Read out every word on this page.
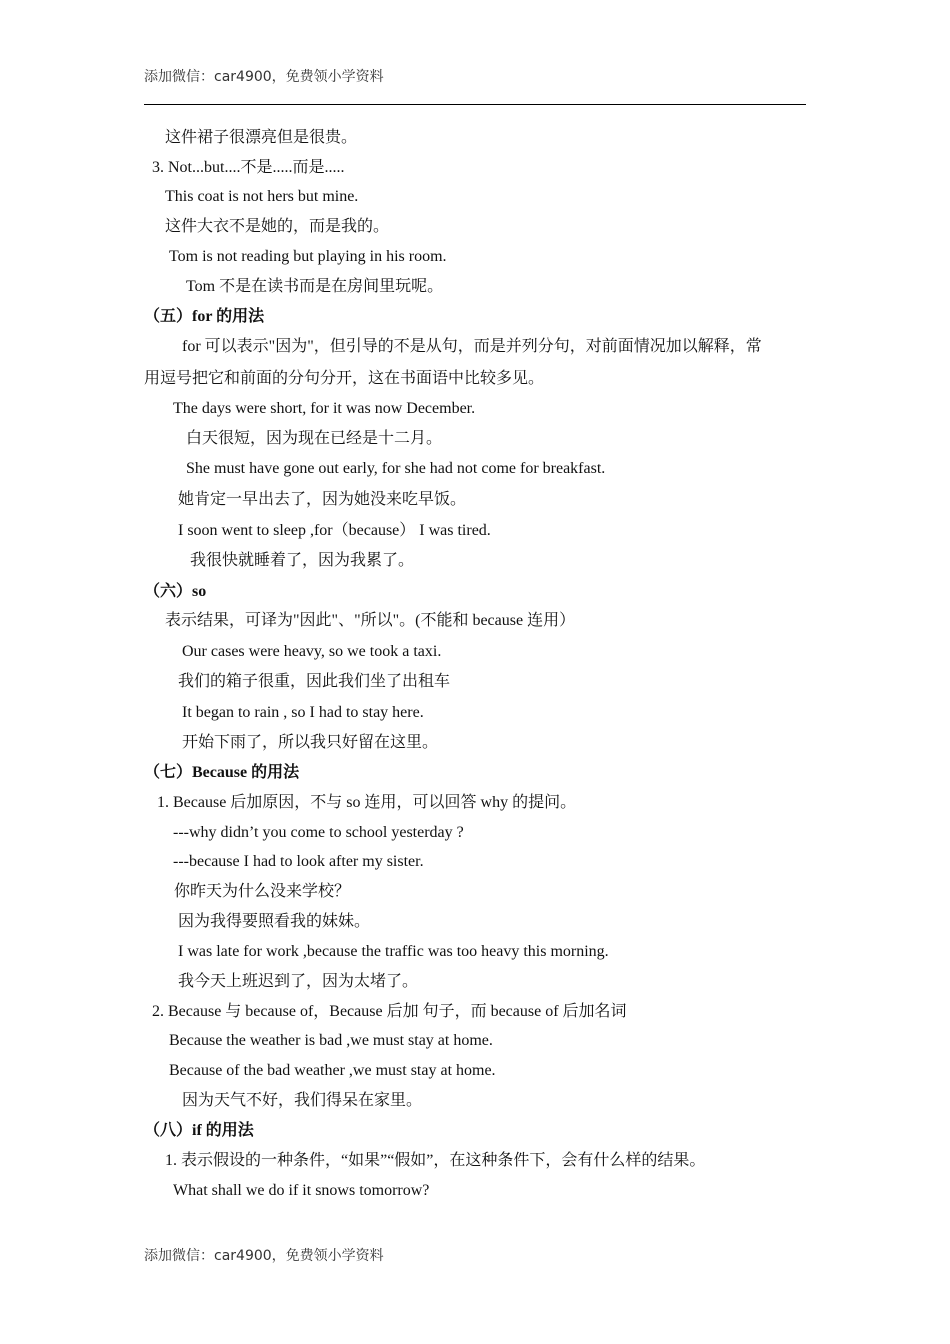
添加微信：car4900，免费领小学资料
这件裙子很漂亮但是很贵。
3. Not...but....不是.....而是.....
This coat is not hers but mine.
这件大衣不是她的，而是我的。
Tom is not reading but playing in his room.
Tom 不是在读书而是在房间里玩呢。
（五）for 的用法
for 可以表示"因为"，但引导的不是从句，而是并列分句，对前面情况加以解释，常
用逗号把它和前面的分句分开，这在书面语中比较多见。
The days were short, for it was now December.
白天很短，因为现在已经是十二月。
She must have gone out early, for she had not come for breakfast.
她肯定一早出去了，因为她没来吃早饭。
I soon went to sleep ,for（because） I was tired.
我很快就睡着了，因为我累了。
（六）so
表示结果，可译为"因此"、"所以"。(不能和 because 连用）
Our cases were heavy, so we took a taxi.
我们的箱子很重，因此我们坐了出租车
It began to rain , so I had to stay here.
开始下雨了，所以我只好留在这里。
（七）Because 的用法
1. Because 后加原因，不与 so 连用，可以回答 why 的提问。
---why didn’t you come to school yesterday ?
---because I had to look after my sister.
你昨天为什么没来学校？
因为我得要照看我的妹妹。
I was late for work ,because the traffic was too heavy this morning.
我今天上班迟到了，因为太堵了。
2. Because 与 because of，Because 后加 句子，而 because of 后加名词
Because the weather is bad ,we must stay at home.
Because of the bad weather ,we must stay at home.
因为天气不好，我们得呆在家里。
（八）if 的用法
1. 表示假设的一种条件，“如果”“假如”，在这种条件下，会有什么样的结果。
What shall we do if it snows tomorrow?
添加微信：car4900，免费领小学资料
